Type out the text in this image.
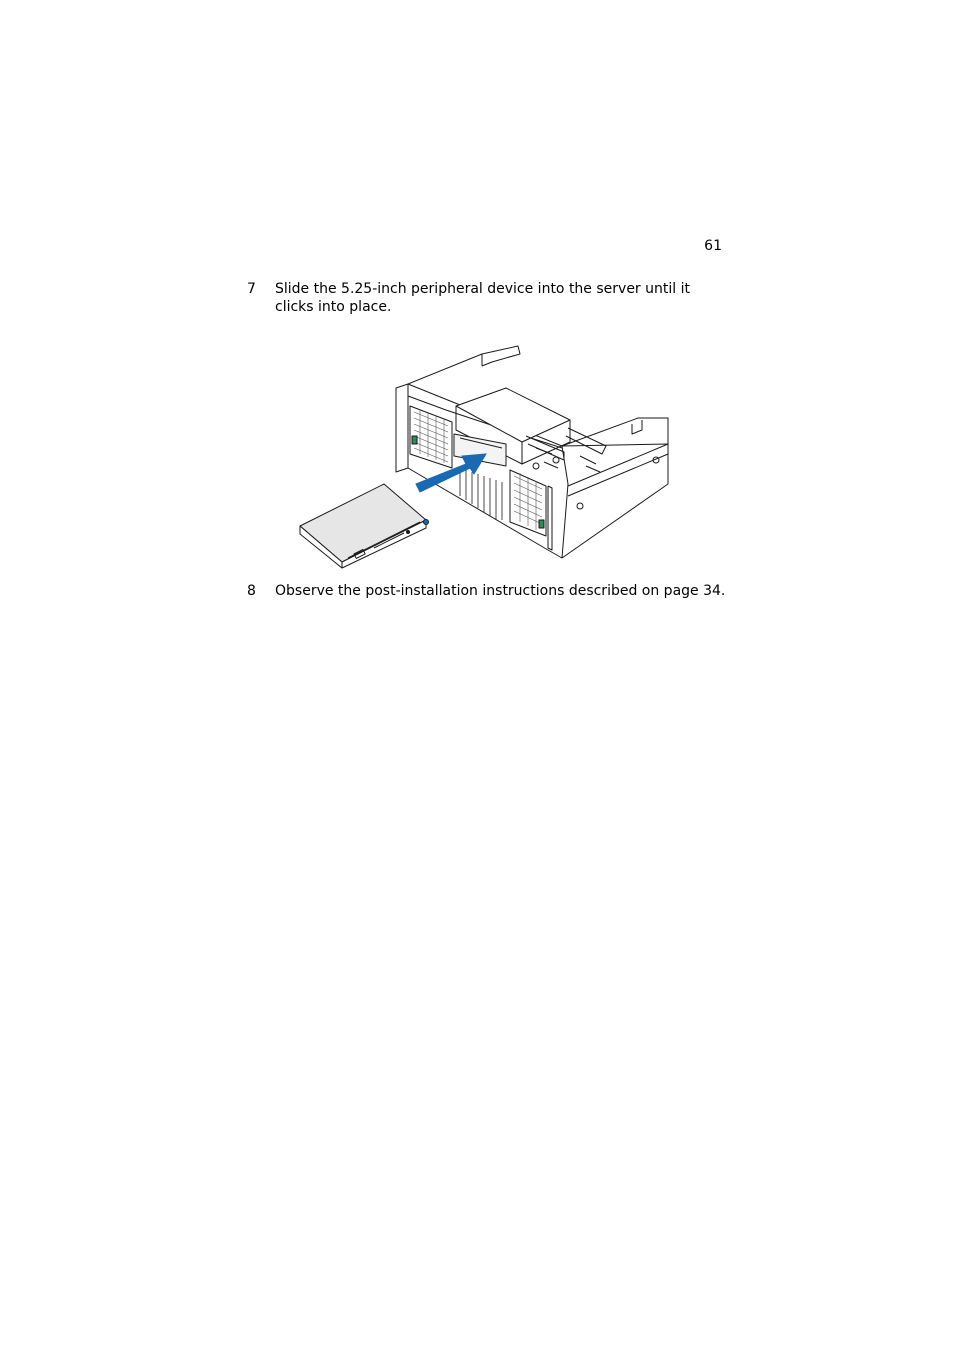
61
7 Slide the 5.25-inch peripheral device into the server until it clicks into place.
8 Observe the post-installation instructions described on page 34.
